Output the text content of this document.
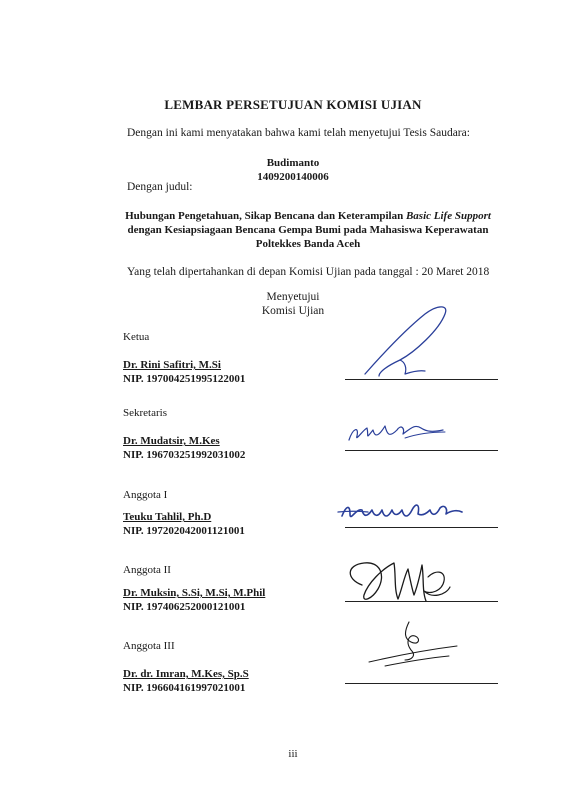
LEMBAR PERSETUJUAN KOMISI UJIAN
Dengan ini kami menyatakan bahwa kami telah menyetujui Tesis Saudara:
Budimanto
1409200140006
Dengan judul:
Hubungan Pengetahuan, Sikap Bencana dan Keterampilan Basic Life Support dengan Kesiapsiagaan Bencana Gempa Bumi pada Mahasiswa Keperawatan Poltekkes Banda Aceh
Yang telah dipertahankan di depan Komisi Ujian pada tanggal : 20 Maret 2018
Menyetujui
Komisi Ujian
Ketua
Dr. Rini Safitri, M.Si
NIP. 197004251995122001
Sekretaris
Dr. Mudatsir, M.Kes
NIP. 196703251992031002
Anggota I
Teuku Tahlil, Ph.D
NIP. 197202042001121001
Anggota II
Dr. Muksin, S.Si, M.Si, M.Phil
NIP. 197406252000121001
Anggota III
Dr. dr. Imran, M.Kes, Sp.S
NIP. 196604161997021001
iii
